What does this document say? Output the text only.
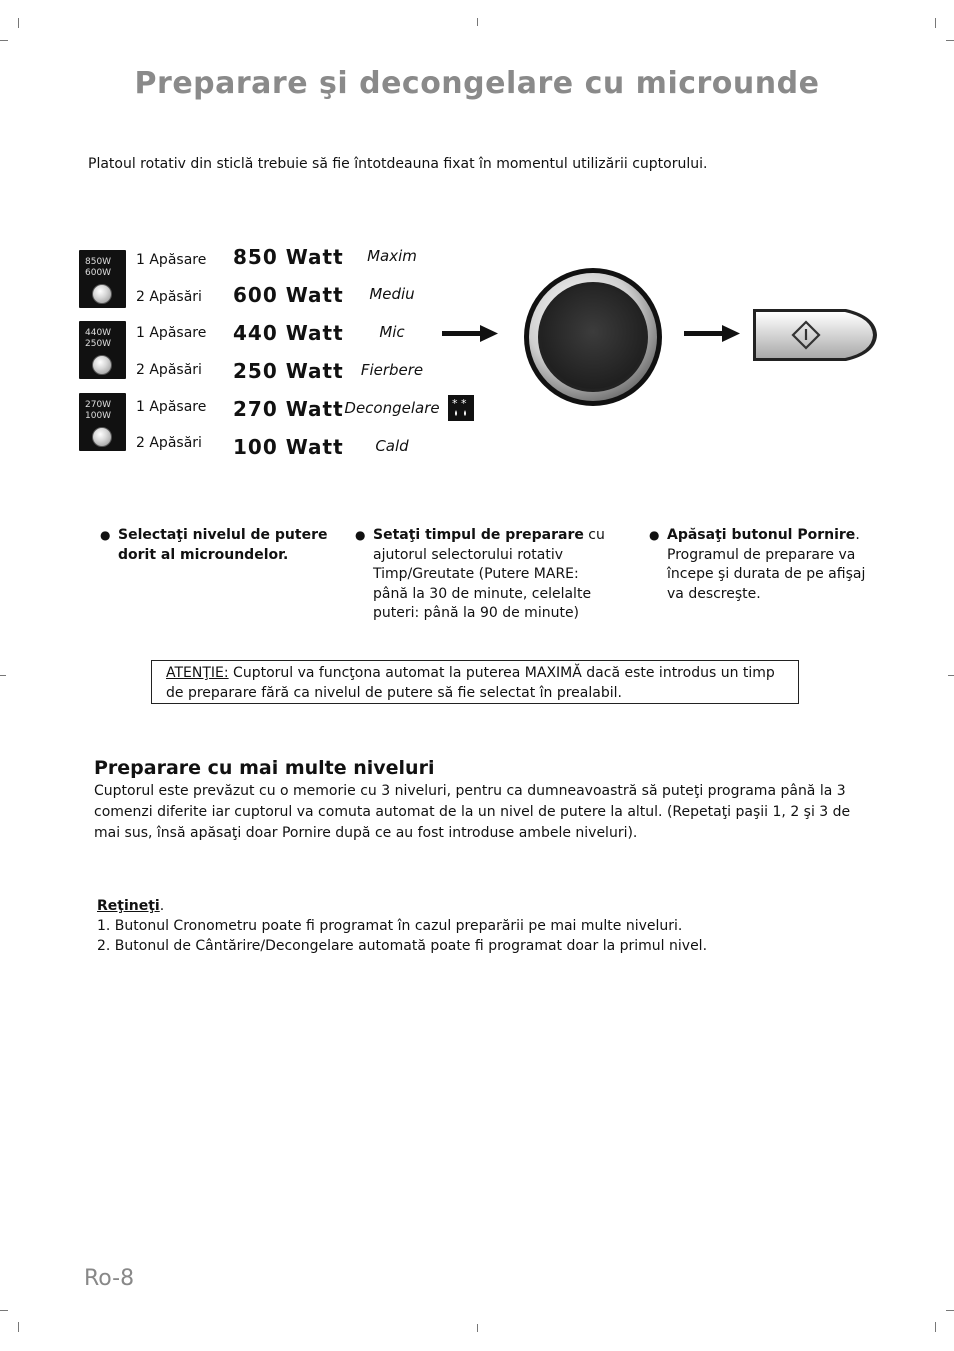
Preparare şi decongelare cu microunde
Platoul rotativ din sticlă trebuie să fie întotdeauna fixat în momentul utilizării cuptorului.
850W
600W
440W
250W
270W
100W
1 Apăsare 850 Watt	Maxim
2 Apăsări 600 Watt	Mediu
1 Apăsare 440 Watt	Mic
2 Apăsări 250 Watt	Fierbere
1 Apăsare 270 Watt Decongelare
2 Apăsări 100 Watt	Cald
* *
● Selectaţi nivelul de putere dorit al microundelor.
● Setaţi timpul de preparare cu ajutorul selectorului rotativ Timp/Greutate (Putere MARE: până la 30 de minute, celelalte puteri: până la 90 de minute)
● Apăsaţi butonul Pornire. Programul de preparare va începe şi durata de pe afişaj va descreşte.
ATENŢIE: Cuptorul va funcţona automat la puterea MAXIMĂ dacă este introdus un timp de preparare fără ca nivelul de putere să fie selectat în prealabil.
Preparare cu mai multe niveluri
Cuptorul este prevăzut cu o memorie cu 3 niveluri, pentru ca dumneavoastră să puteţi programa până la 3 comenzi diferite iar cuptorul va comuta automat de la un nivel de putere la altul. (Repetaţi paşii 1, 2 şi 3 de mai sus, însă apăsaţi doar Pornire după ce au fost introduse ambele niveluri).
Reţineţi.
1. Butonul Cronometru poate fi programat în cazul preparării pe mai multe niveluri.
2. Butonul de Cântărire/Decongelare automată poate fi programat doar la primul nivel.
Ro-8
